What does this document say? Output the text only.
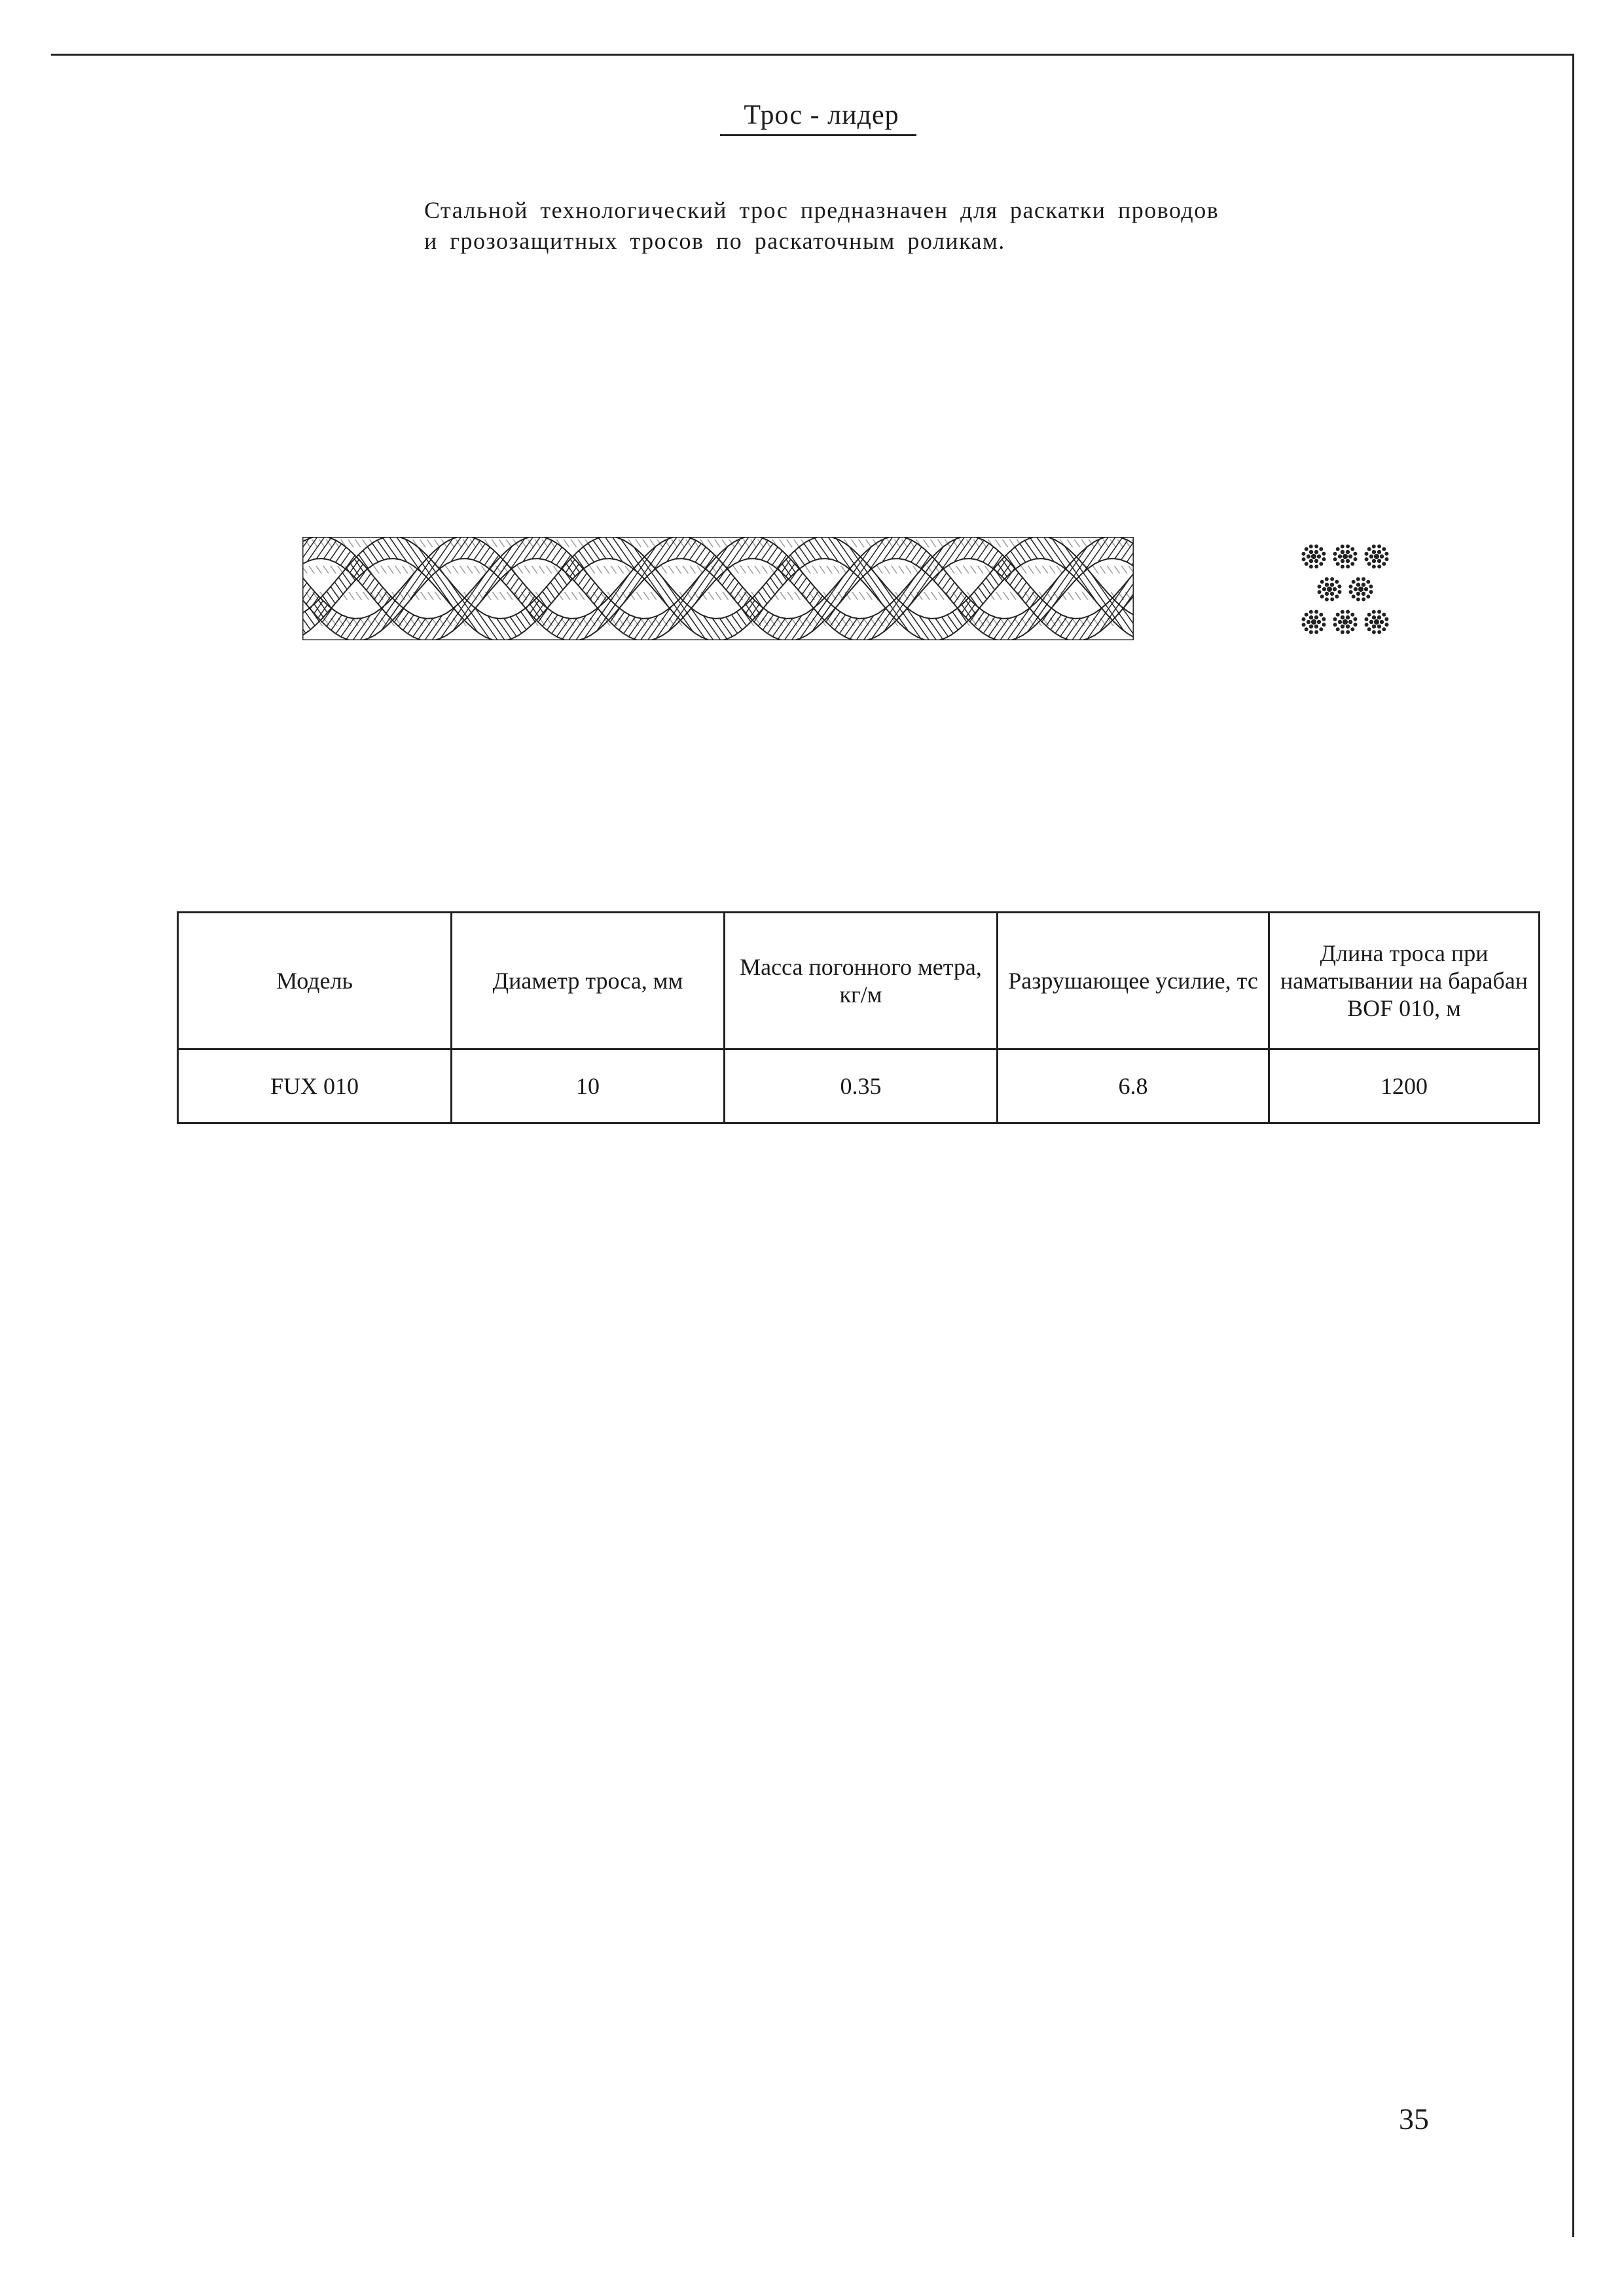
Трос - лидер

Стальной технологический трос предназначен для раскатки проводов

и грозозащитных тросов по раскаточным роликам.

Модель	Диаметр троса, мм	Масса погонного метра, кг/м	Разрушающее усилие, тс	Длина троса при наматывании на барабан BOF 010, м
FUX 010	10	0.35	6.8	1200
35
